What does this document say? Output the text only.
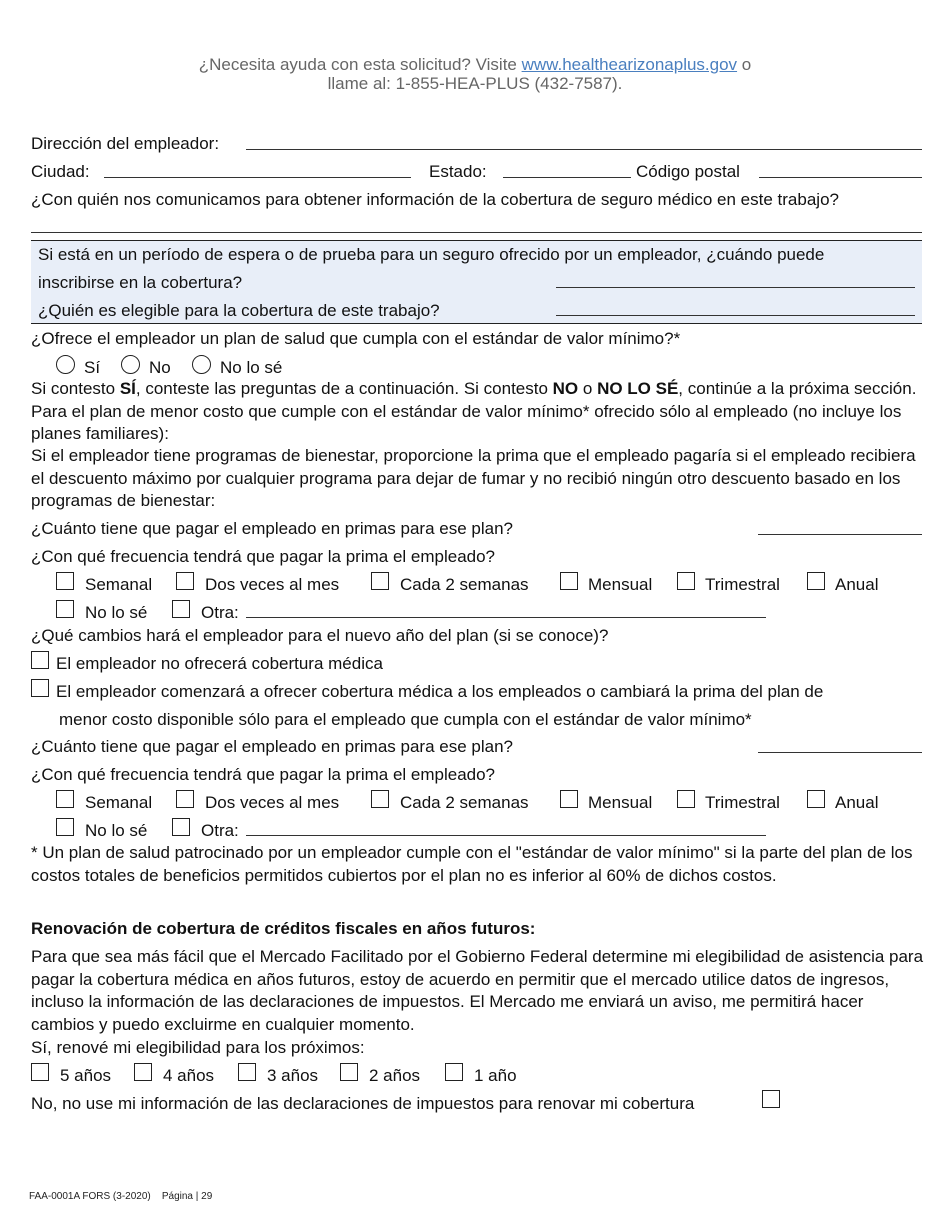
¿Necesita ayuda con esta solicitud? Visite www.healthearizonaplus.gov o
llame al: 1-855-HEA-PLUS (432-7587).
Dirección del empleador:
Ciudad:	Estado:	Código postal
¿Con quién nos comunicamos para obtener información de la cobertura de seguro médico en este trabajo?
Si está en un período de espera o de prueba para un seguro ofrecido por un empleador, ¿cuándo puede
inscribirse en la cobertura?
¿Quién es elegible para la cobertura de este trabajo?
¿Ofrece el empleador un plan de salud que cumpla con el estándar de valor mínimo?*
Sí	No	No lo sé
Si contesto SÍ, conteste las preguntas de a continuación. Si contesto NO o NO LO SÉ, continúe a la próxima sección. Para el plan de menor costo que cumple con el estándar de valor mínimo* ofrecido sólo al empleado (no incluye los planes familiares):
Si el empleador tiene programas de bienestar, proporcione la prima que el empleado pagaría si el empleado recibiera el descuento máximo por cualquier programa para dejar de fumar y no recibió ningún otro descuento basado en los programas de bienestar:
¿Cuánto tiene que pagar el empleado en primas para ese plan?
¿Con qué frecuencia tendrá que pagar la prima el empleado?
Semanal	Dos veces al mes	Cada 2 semanas	Mensual	Trimestral	Anual
No lo sé	Otra:
¿Qué cambios hará el empleador para el nuevo año del plan (si se conoce)?
El empleador no ofrecerá cobertura médica
El empleador comenzará a ofrecer cobertura médica a los empleados o cambiará la prima del plan de
menor costo disponible sólo para el empleado que cumpla con el estándar de valor mínimo*
¿Cuánto tiene que pagar el empleado en primas para ese plan?
¿Con qué frecuencia tendrá que pagar la prima el empleado?
Semanal	Dos veces al mes	Cada 2 semanas	Mensual	Trimestral	Anual
No lo sé	Otra:
* Un plan de salud patrocinado por un empleador cumple con el "estándar de valor mínimo" si la parte del plan de los costos totales de beneficios permitidos cubiertos por el plan no es inferior al 60% de dichos costos.
Renovación de cobertura de créditos fiscales en años futuros:
Para que sea más fácil que el Mercado Facilitado por el Gobierno Federal determine mi elegibilidad de asistencia para pagar la cobertura médica en años futuros, estoy de acuerdo en permitir que el mercado utilice datos de ingresos, incluso la información de las declaraciones de impuestos. El Mercado me enviará un aviso, me permitirá hacer cambios y puedo excluirme en cualquier momento.
Sí, renové mi elegibilidad para los próximos:
5 años	4 años	3 años	2 años	1 año
No, no use mi información de las declaraciones de impuestos para renovar mi cobertura
FAA-0001A FORS (3-2020)    Página | 29
